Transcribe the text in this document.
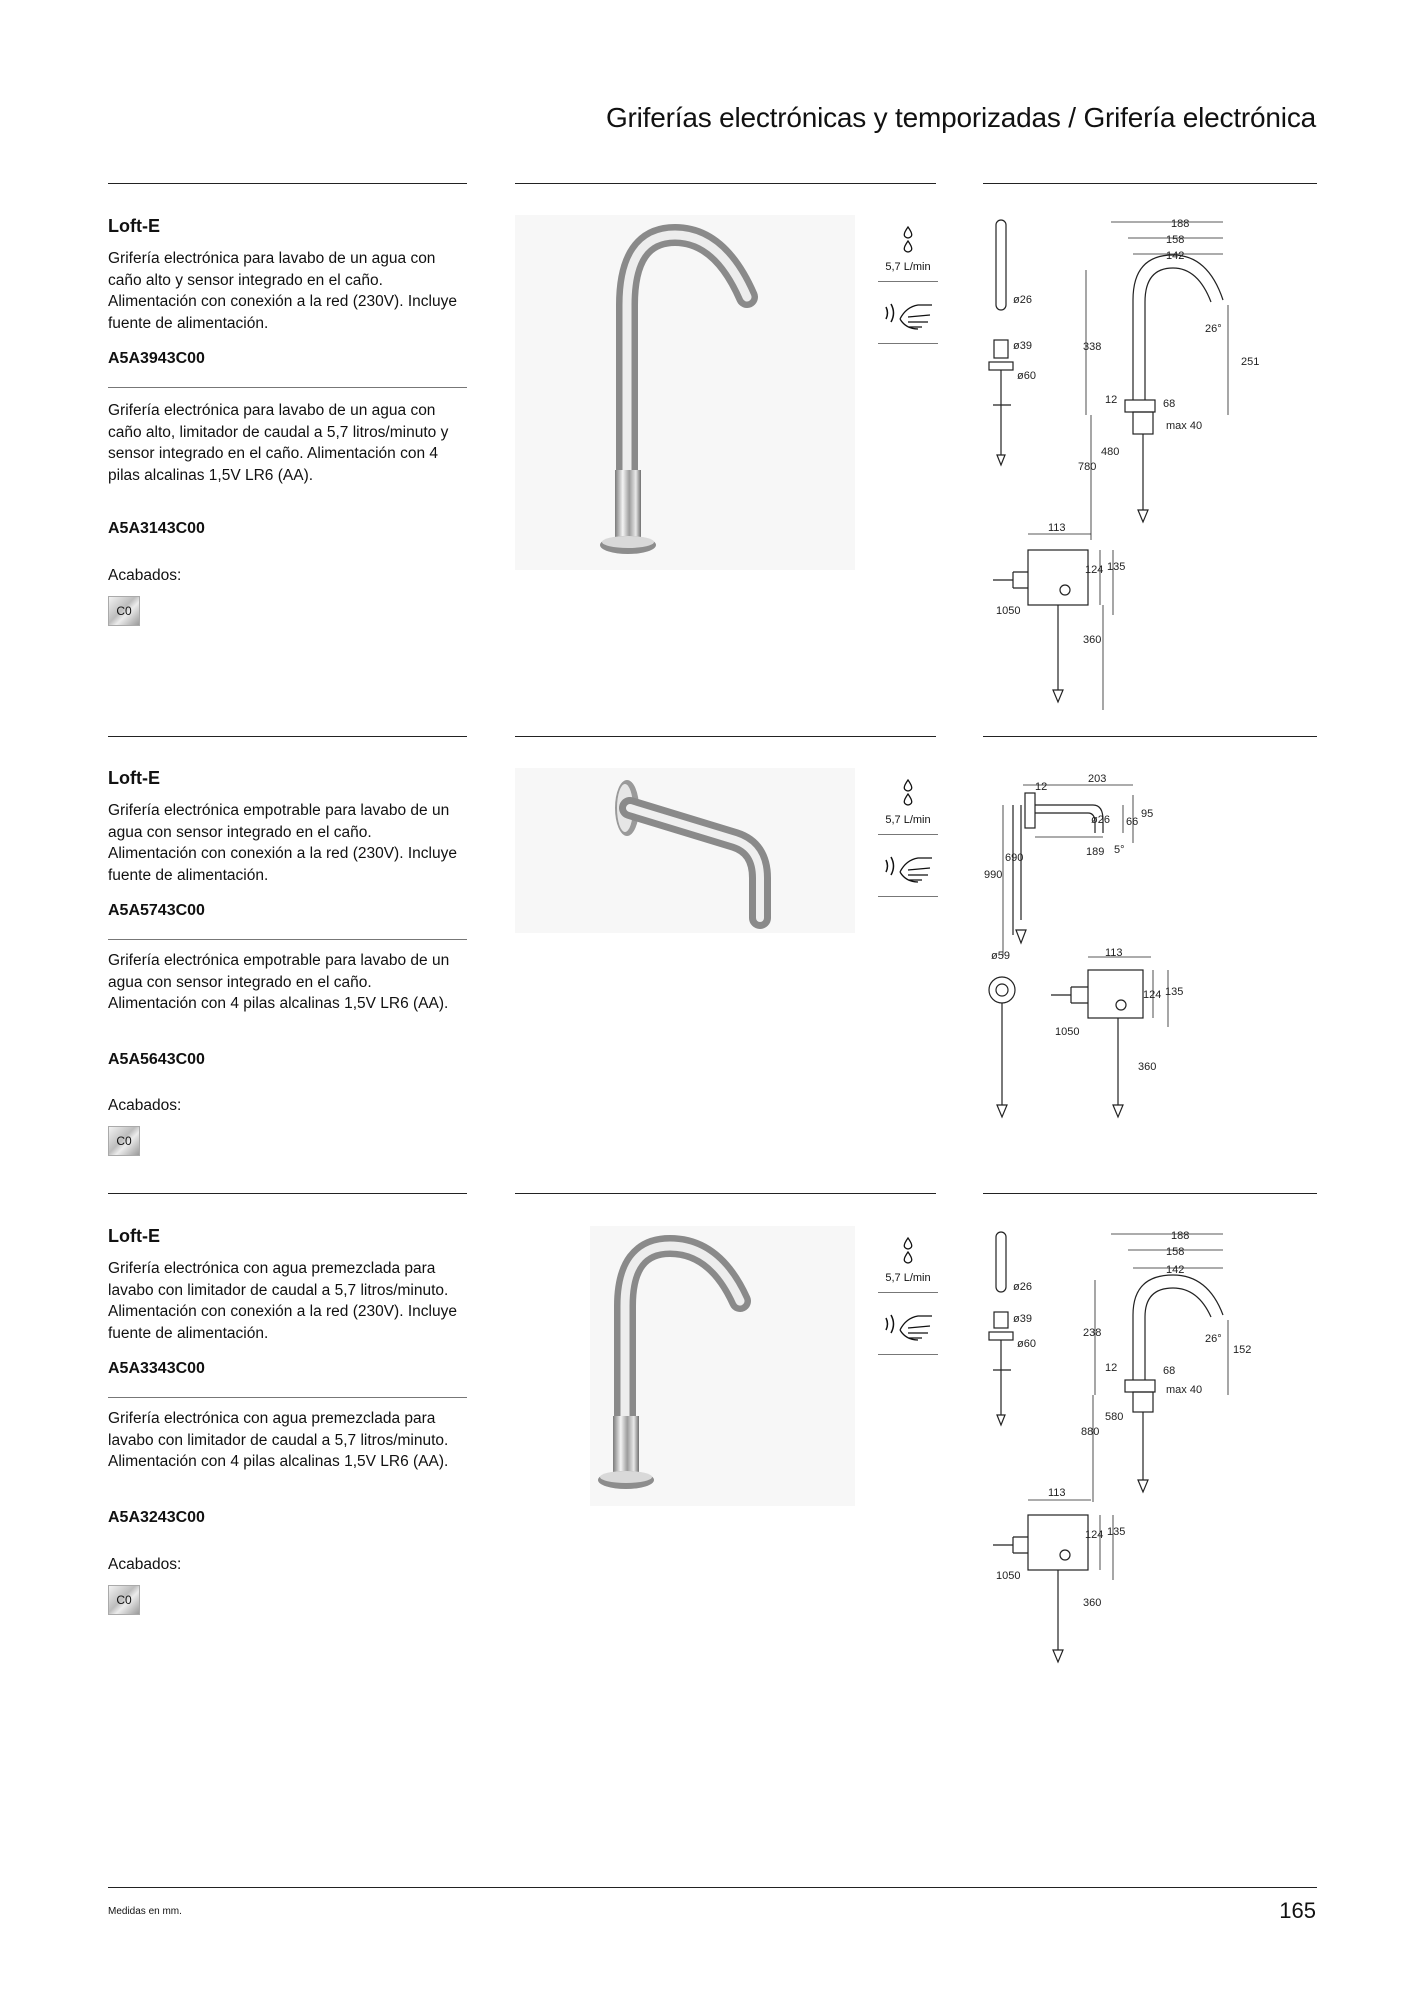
Griferías electrónicas y temporizadas / Grifería electrónica
Loft-E
Grifería electrónica para lavabo de un agua con caño alto y sensor integrado en el caño. Alimentación con conexión a la red (230V). Incluye fuente de alimentación.
A5A3943C00
Grifería electrónica para lavabo de un agua con caño alto, limitador de caudal a 5,7 litros/minuto y sensor integrado en el caño. Alimentación con 4 pilas alcalinas 1,5V LR6 (AA).
A5A3143C00
Acabados:
C0
5,7 L/min
188
158
142
ø26
ø39
ø60
338
26°
251
12	68
max 40
480
780
113
124 135
1050
360
Loft-E
Grifería electrónica empotrable para lavabo de un agua con sensor integrado en el caño. Alimentación con conexión a la red (230V). Incluye fuente de alimentación.
A5A5743C00
Grifería electrónica empotrable para lavabo de un agua con sensor integrado en el caño. Alimentación con 4 pilas alcalinas 1,5V LR6 (AA).
A5A5643C00
Acabados:
C0
5,7 L/min
12
203
ø26 66
95
690
990
189 5°
ø59	113
124 135
1050
360
Loft-E
Grifería electrónica con agua premezclada para lavabo con limitador de caudal a 5,7 litros/minuto. Alimentación con conexión a la red (230V). Incluye fuente de alimentación.
A5A3343C00
Grifería electrónica con agua premezclada para lavabo con limitador de caudal a 5,7 litros/minuto. Alimentación con 4 pilas alcalinas 1,5V LR6 (AA).
A5A3243C00
Acabados:
C0
5,7 L/min
188
158
142
ø26
ø39
ø60
238	26°
152
12	68
max 40
580
880
113
124 135
1050
360
Medidas en mm.	165
